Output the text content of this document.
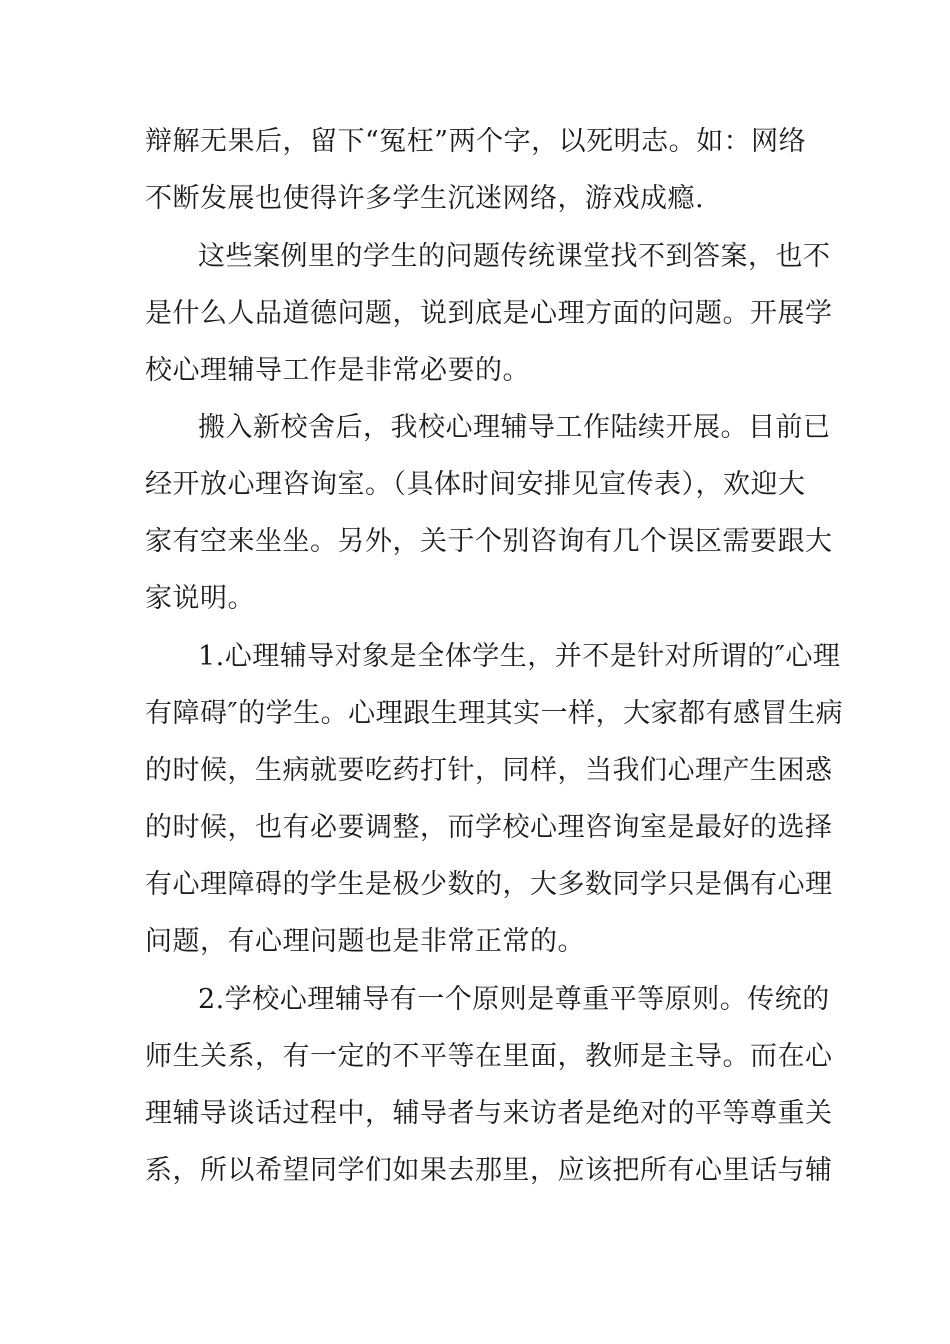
辩解无果后，留下“冤枉”两个字，以死明志。如：网络
不断发展也使得许多学生沉迷网络，游戏成瘾.
这些案例里的学生的问题传统课堂找不到答案，也不
是什么人品道德问题，说到底是心理方面的问题。开展学
校心理辅导工作是非常必要的。
搬入新校舍后，我校心理辅导工作陆续开展。目前已
经开放心理咨询室。（具体时间安排见宣传表），欢迎大
家有空来坐坐。另外，关于个别咨询有几个误区需要跟大
家说明。
1.心理辅导对象是全体学生，并不是针对所谓的″心理
有障碍″的学生。心理跟生理其实一样，大家都有感冒生病
的时候，生病就要吃药打针，同样，当我们心理产生困惑
的时候，也有必要调整，而学校心理咨询室是最好的选择
有心理障碍的学生是极少数的，大多数同学只是偶有心理
问题，有心理问题也是非常正常的。
2.学校心理辅导有一个原则是尊重平等原则。传统的
师生关系，有一定的不平等在里面，教师是主导。而在心
理辅导谈话过程中，辅导者与来访者是绝对的平等尊重关
系，所以希望同学们如果去那里，应该把所有心里话与辅
